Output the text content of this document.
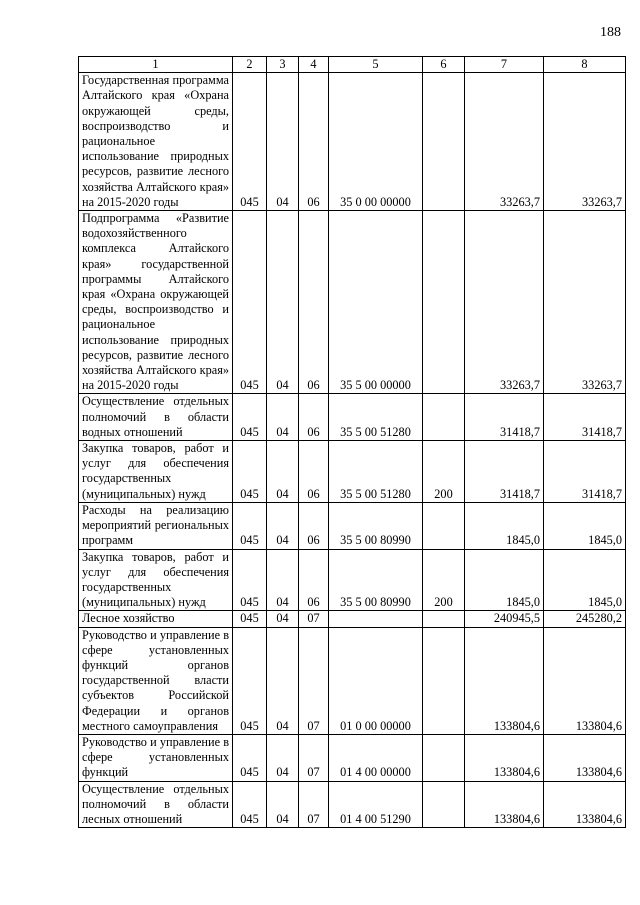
188
1	2	3	4	5	6	7	8
Государственная программа Алтайского края «Охрана окружающей среды, воспроизводство и рациональное использование природных ресурсов, развитие лесного хозяйства Алтайского края» на 2015-2020 годы	045	04	06	35 0 00 00000		33263,7	33263,7
Подпрограмма «Развитие водохозяйственного комплекса Алтайского края» государственной программы Алтайского края «Охрана окружающей среды, воспроизводство и рациональное использование природных ресурсов, развитие лесного хозяйства Алтайского края» на 2015-2020 годы	045	04	06	35 5 00 00000		33263,7	33263,7
Осуществление отдельных полномочий в области водных отношений	045	04	06	35 5 00 51280		31418,7	31418,7
Закупка товаров, работ и услуг для обеспечения государственных (муниципальных) нужд	045	04	06	35 5 00 51280	200	31418,7	31418,7
Расходы на реализацию мероприятий региональных программ	045	04	06	35 5 00 80990		1845,0	1845,0
Закупка товаров, работ и услуг для обеспечения государственных (муниципальных) нужд	045	04	06	35 5 00 80990	200	1845,0	1845,0
Лесное хозяйство	045	04	07			240945,5	245280,2
Руководство и управление в сфере установленных функций органов государственной власти субъектов Российской Федерации и органов местного самоуправления	045	04	07	01 0 00 00000		133804,6	133804,6
Руководство и управление в сфере установленных функций	045	04	07	01 4 00 00000		133804,6	133804,6
Осуществление отдельных полномочий в области лесных отношений	045	04	07	01 4 00 51290		133804,6	133804,6
